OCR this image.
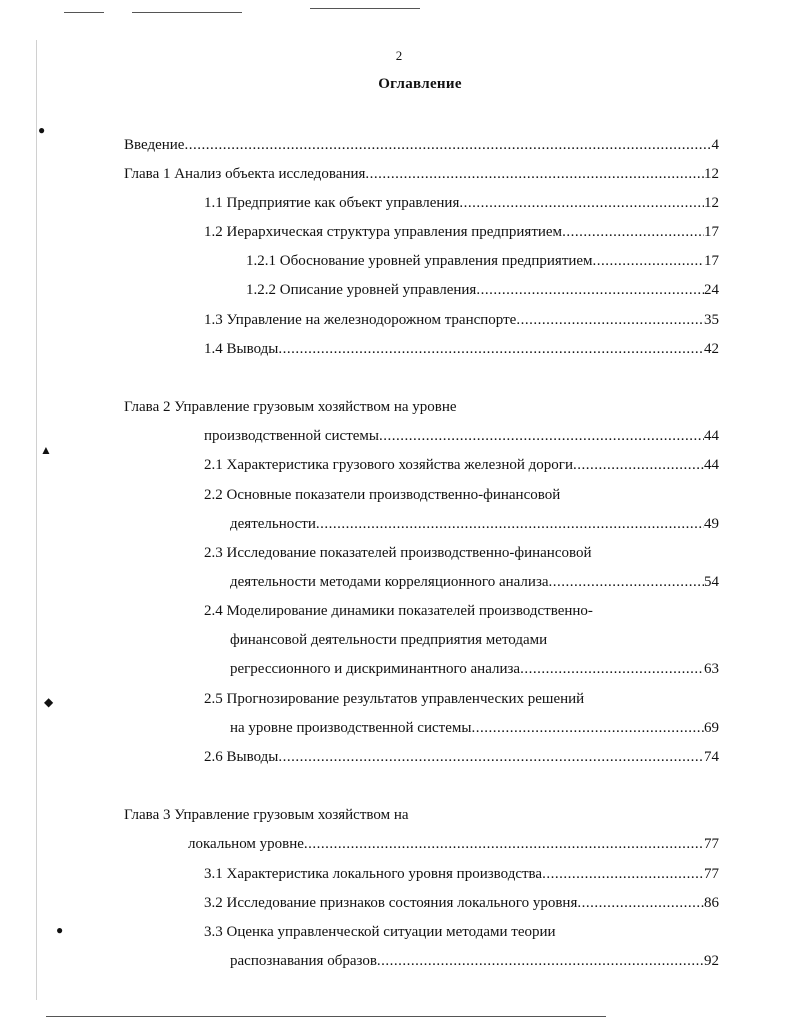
●
▲
◆
●
2
Оглавление
Введение .....	4
Глава 1 Анализ объекта исследования .....	12
1.1 Предприятие как объект управления .....	12
1.2 Иерархическая структура управления предприятием .....	17
1.2.1 Обоснование уровней управления предприятием .....	17
1.2.2 Описание уровней управления .....	24
1.3 Управление на железнодорожном транспорте .....	35
1.4 Выводы .....	42
Глава 2 Управление грузовым хозяйством на уровне
производственной системы .....	44
2.1 Характеристика грузового хозяйства железной дороги .....	44
2.2 Основные показатели производственно-финансовой
деятельности .....	49
2.3 Исследование показателей производственно-финансовой
деятельности методами корреляционного анализа .....	54
2.4 Моделирование динамики показателей производственно-
финансовой деятельности предприятия методами
регрессионного и дискриминантного анализа .....	63
2.5 Прогнозирование результатов управленческих решений
на уровне производственной системы .....	69
2.6 Выводы .....	74
Глава 3 Управление грузовым хозяйством на
локальном уровне .....	77
3.1 Характеристика локального уровня производства .....	77
3.2 Исследование признаков состояния локального уровня .....	86
3.3 Оценка управленческой ситуации методами теории
распознавания образов .....	92
